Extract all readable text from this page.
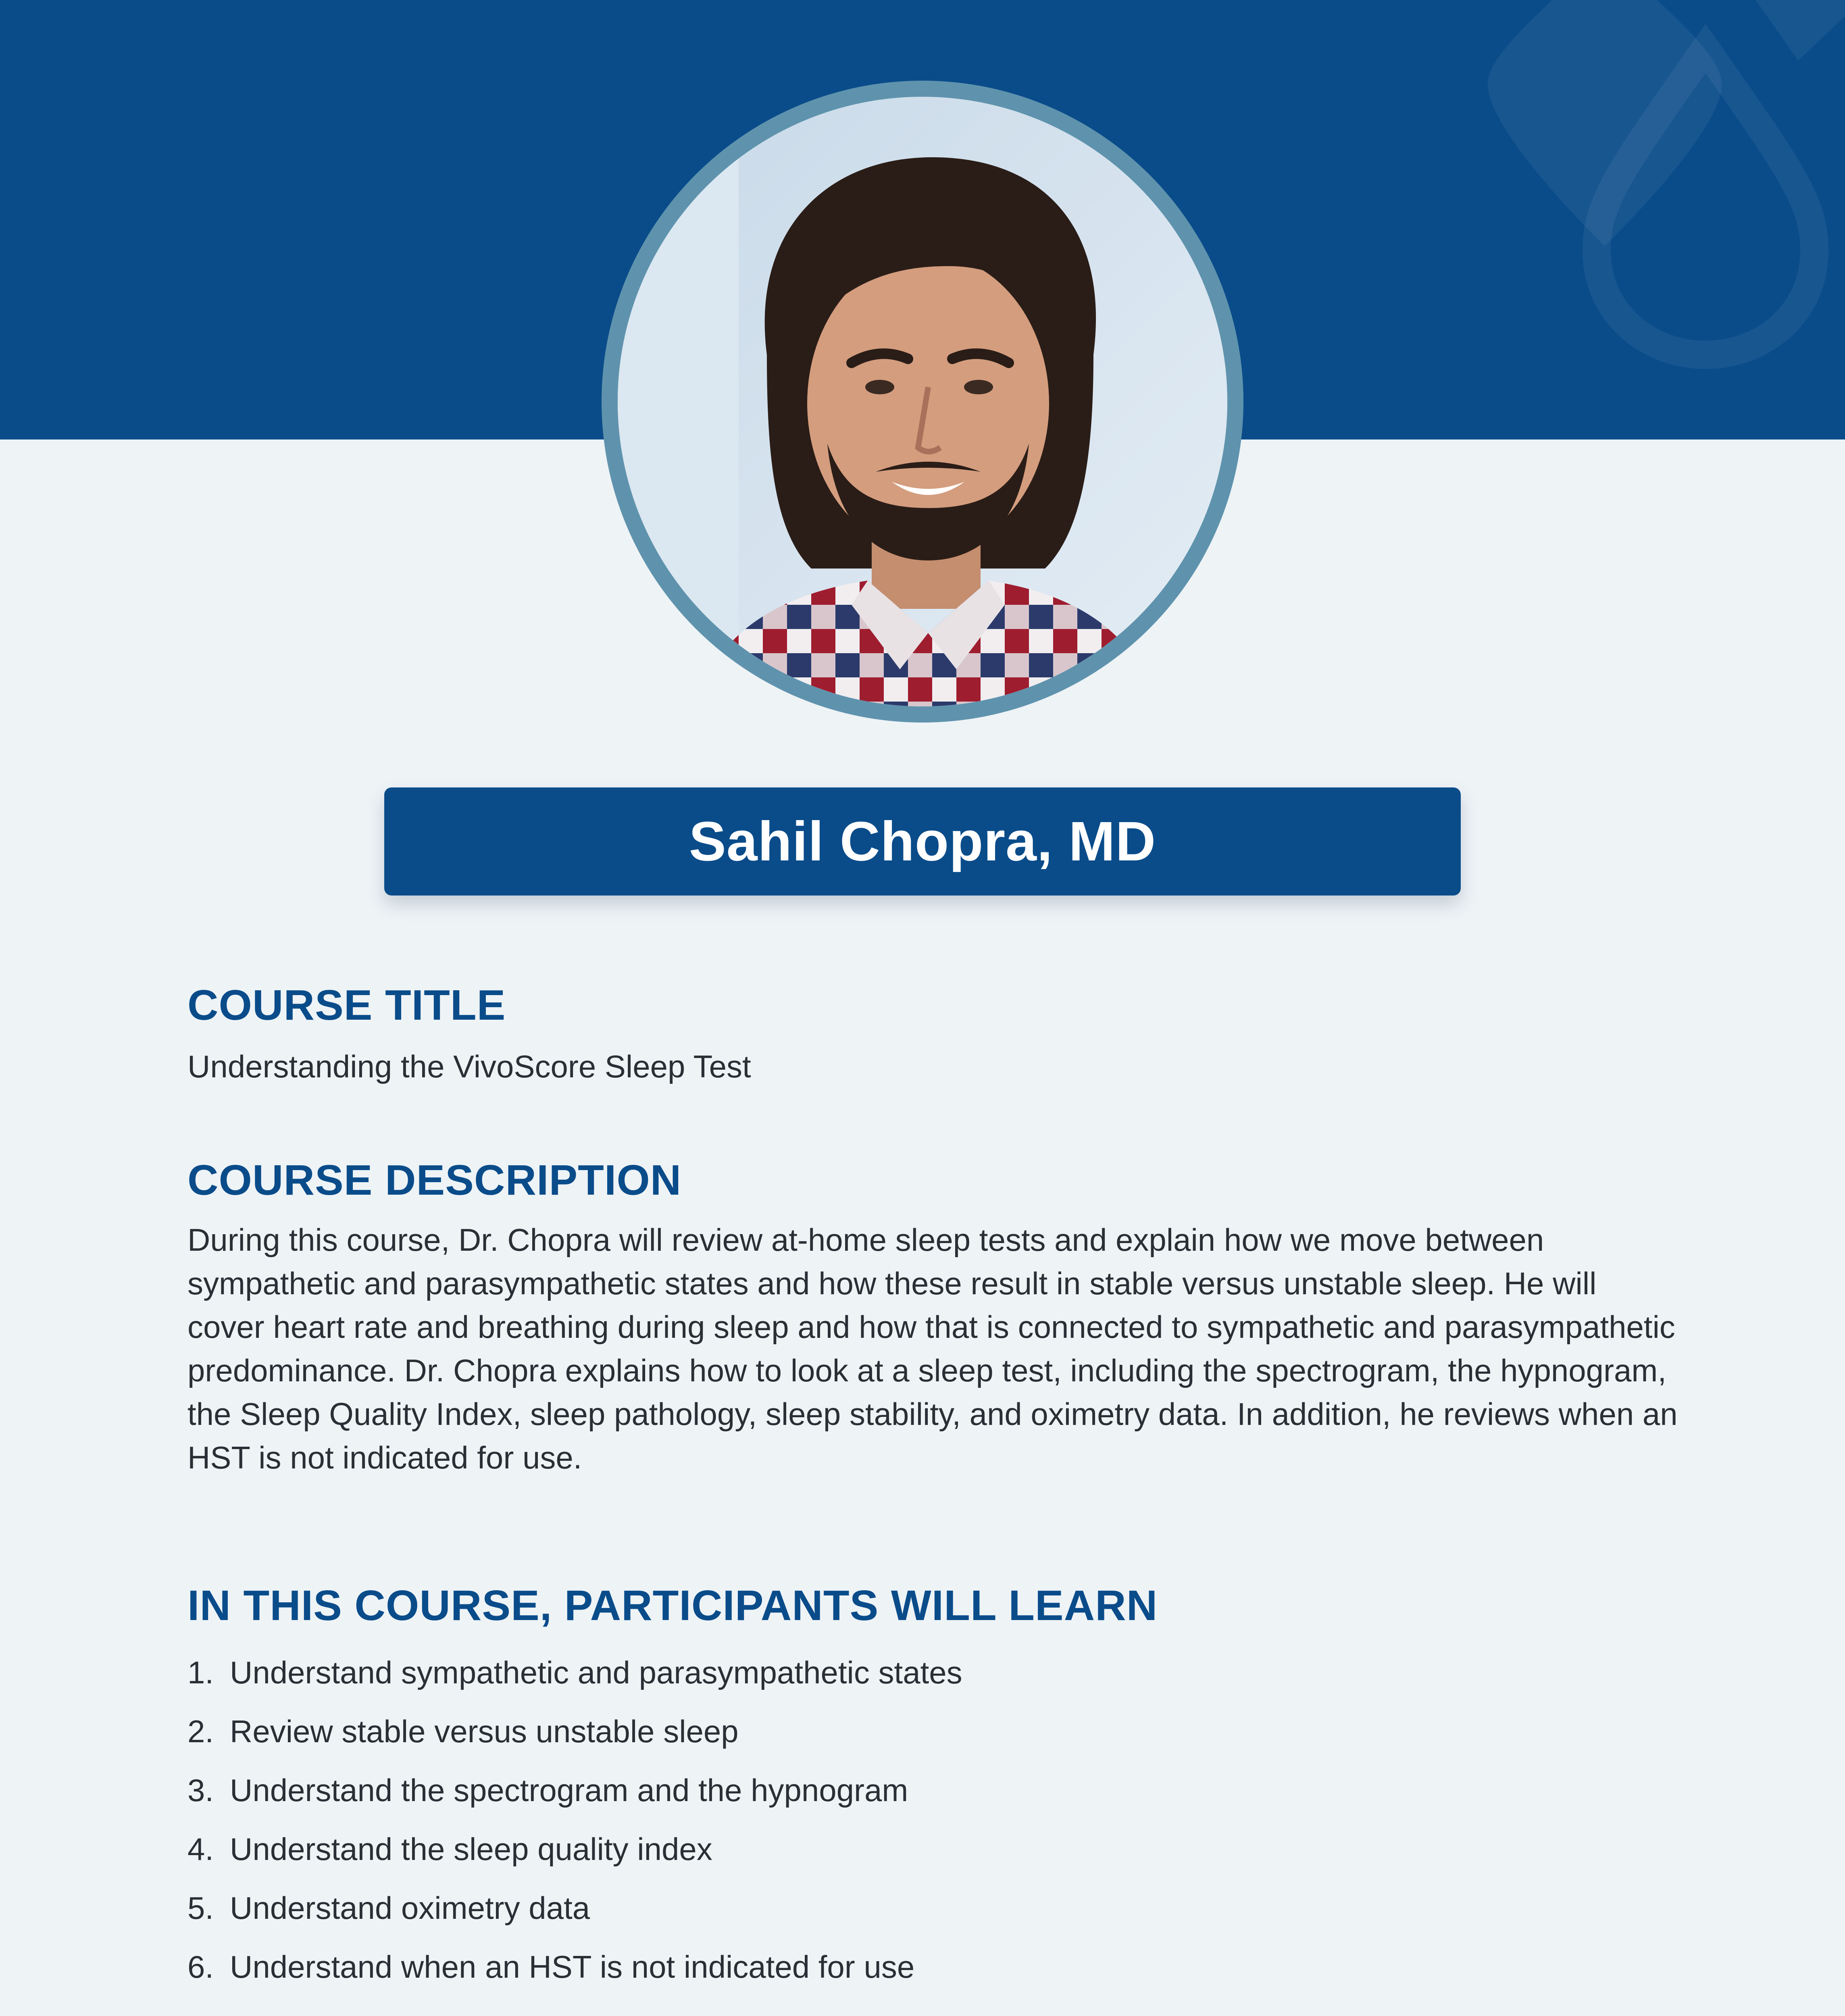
Sahil Chopra, MD
COURSE TITLE

Understanding the VivoScore Sleep Test

COURSE DESCRIPTION

During this course, Dr. Chopra will review at-home sleep tests and explain how we move between sympathetic and parasympathetic states and how these result in stable versus unstable sleep. He will cover heart rate and breathing during sleep and how that is connected to sympathetic and parasympathetic predominance. Dr. Chopra explains how to look at a sleep test, including the spectrogram, the hypnogram, the Sleep Quality Index, sleep pathology, sleep stability, and oximetry data. In addition, he reviews when an HST is not indicated for use.

IN THIS COURSE, PARTICIPANTS WILL LEARN
1. Understand sympathetic and parasympathetic states
2. Review stable versus unstable sleep
3. Understand the spectrogram and the hypnogram
4. Understand the sleep quality index
5. Understand oximetry data
6. Understand when an HST is not indicated for use
